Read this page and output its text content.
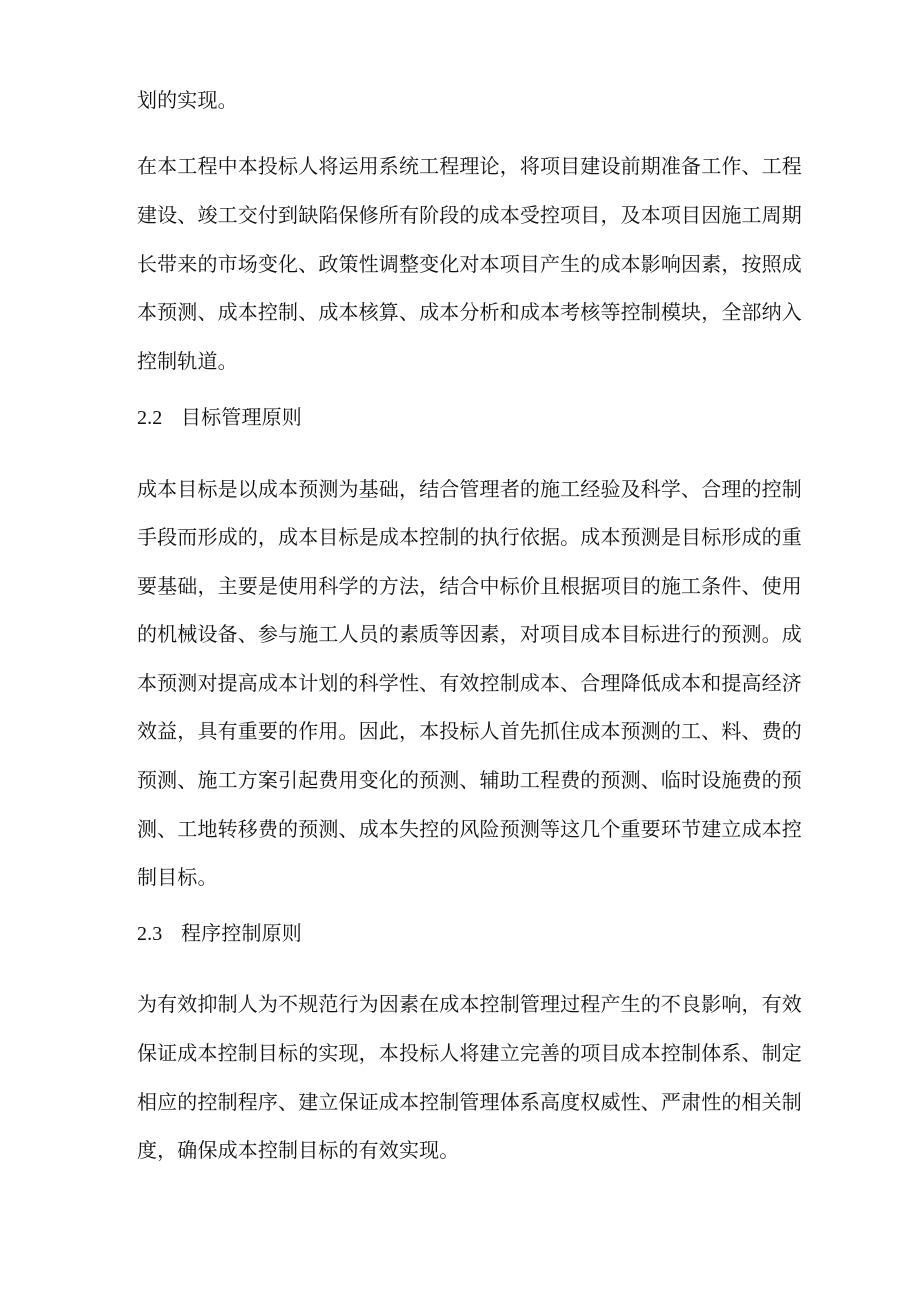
划的实现。
在本工程中本投标人将运用系统工程理论，将项目建设前期准备工作、工程
建设、竣工交付到缺陷保修所有阶段的成本受控项目，及本项目因施工周期
长带来的市场变化、政策性调整变化对本项目产生的成本影响因素，按照成
本预测、成本控制、成本核算、成本分析和成本考核等控制模块，全部纳入
控制轨道。
2.2 目标管理原则
成本目标是以成本预测为基础，结合管理者的施工经验及科学、合理的控制
手段而形成的，成本目标是成本控制的执行依据。成本预测是目标形成的重
要基础，主要是使用科学的方法，结合中标价且根据项目的施工条件、使用
的机械设备、参与施工人员的素质等因素，对项目成本目标进行的预测。成
本预测对提高成本计划的科学性、有效控制成本、合理降低成本和提高经济
效益，具有重要的作用。因此，本投标人首先抓住成本预测的工、料、费的
预测、施工方案引起费用变化的预测、辅助工程费的预测、临时设施费的预
测、工地转移费的预测、成本失控的风险预测等这几个重要环节建立成本控
制目标。
2.3 程序控制原则
为有效抑制人为不规范行为因素在成本控制管理过程产生的不良影响，有效
保证成本控制目标的实现，本投标人将建立完善的项目成本控制体系、制定
相应的控制程序、建立保证成本控制管理体系高度权威性、严肃性的相关制
度，确保成本控制目标的有效实现。
